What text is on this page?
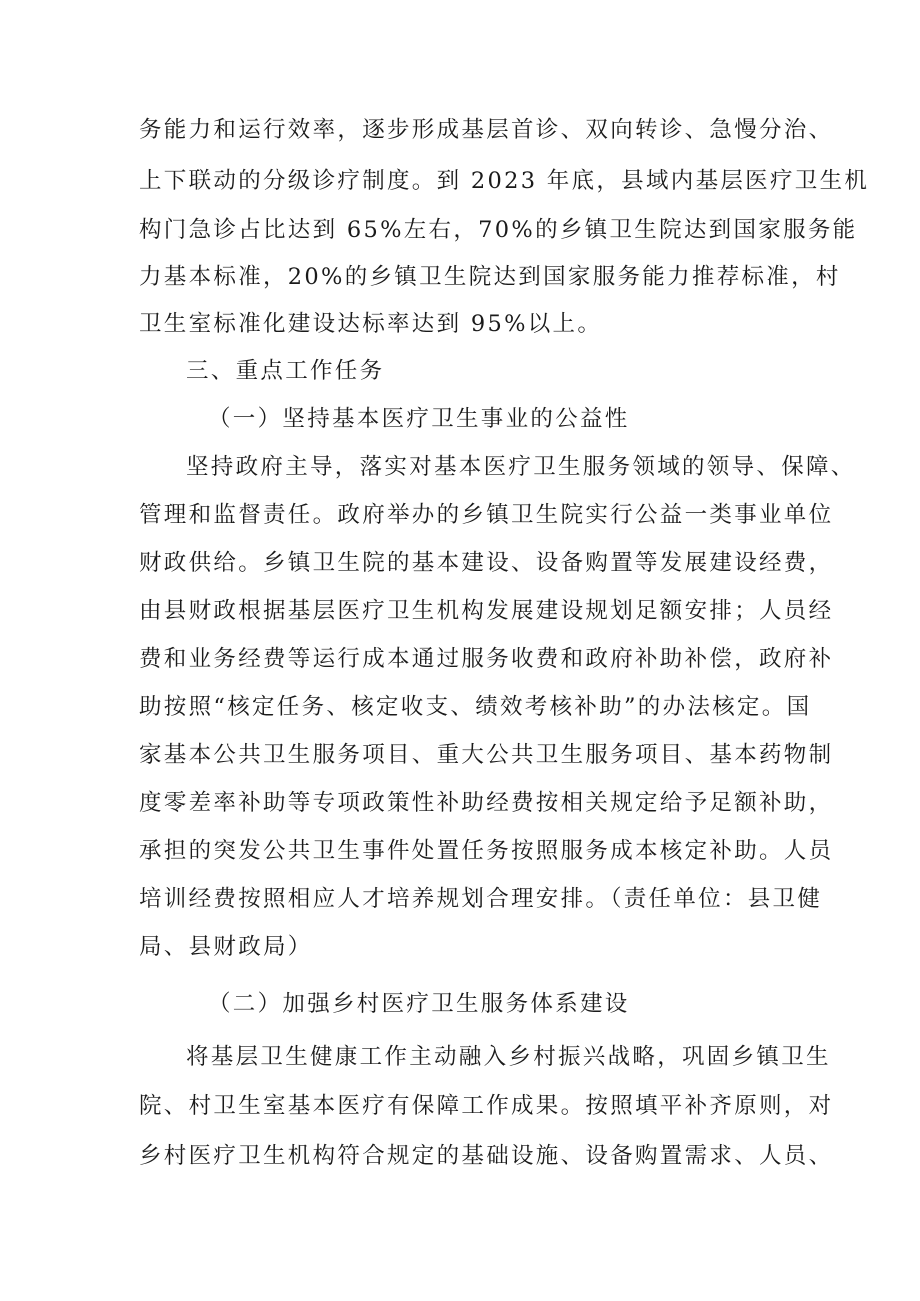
务能力和运行效率，逐步形成基层首诊、双向转诊、急慢分治、

上下联动的分级诊疗制度。到 2023 年底，县域内基层医疗卫生机

构门急诊占比达到 65%左右，70%的乡镇卫生院达到国家服务能

力基本标准，20%的乡镇卫生院达到国家服务能力推荐标准，村

卫生室标准化建设达标率达到 95%以上。

三、重点工作任务

（一）坚持基本医疗卫生事业的公益性

坚持政府主导，落实对基本医疗卫生服务领域的领导、保障、

管理和监督责任。政府举办的乡镇卫生院实行公益一类事业单位

财政供给。乡镇卫生院的基本建设、设备购置等发展建设经费，

由县财政根据基层医疗卫生机构发展建设规划足额安排；人员经

费和业务经费等运行成本通过服务收费和政府补助补偿，政府补

助按照“核定任务、核定收支、绩效考核补助”的办法核定。国

家基本公共卫生服务项目、重大公共卫生服务项目、基本药物制

度零差率补助等专项政策性补助经费按相关规定给予足额补助，

承担的突发公共卫生事件处置任务按照服务成本核定补助。人员

培训经费按照相应人才培养规划合理安排。（责任单位：县卫健

局、县财政局）

（二）加强乡村医疗卫生服务体系建设

将基层卫生健康工作主动融入乡村振兴战略，巩固乡镇卫生

院、村卫生室基本医疗有保障工作成果。按照填平补齐原则，对

乡村医疗卫生机构符合规定的基础设施、设备购置需求、人员、
